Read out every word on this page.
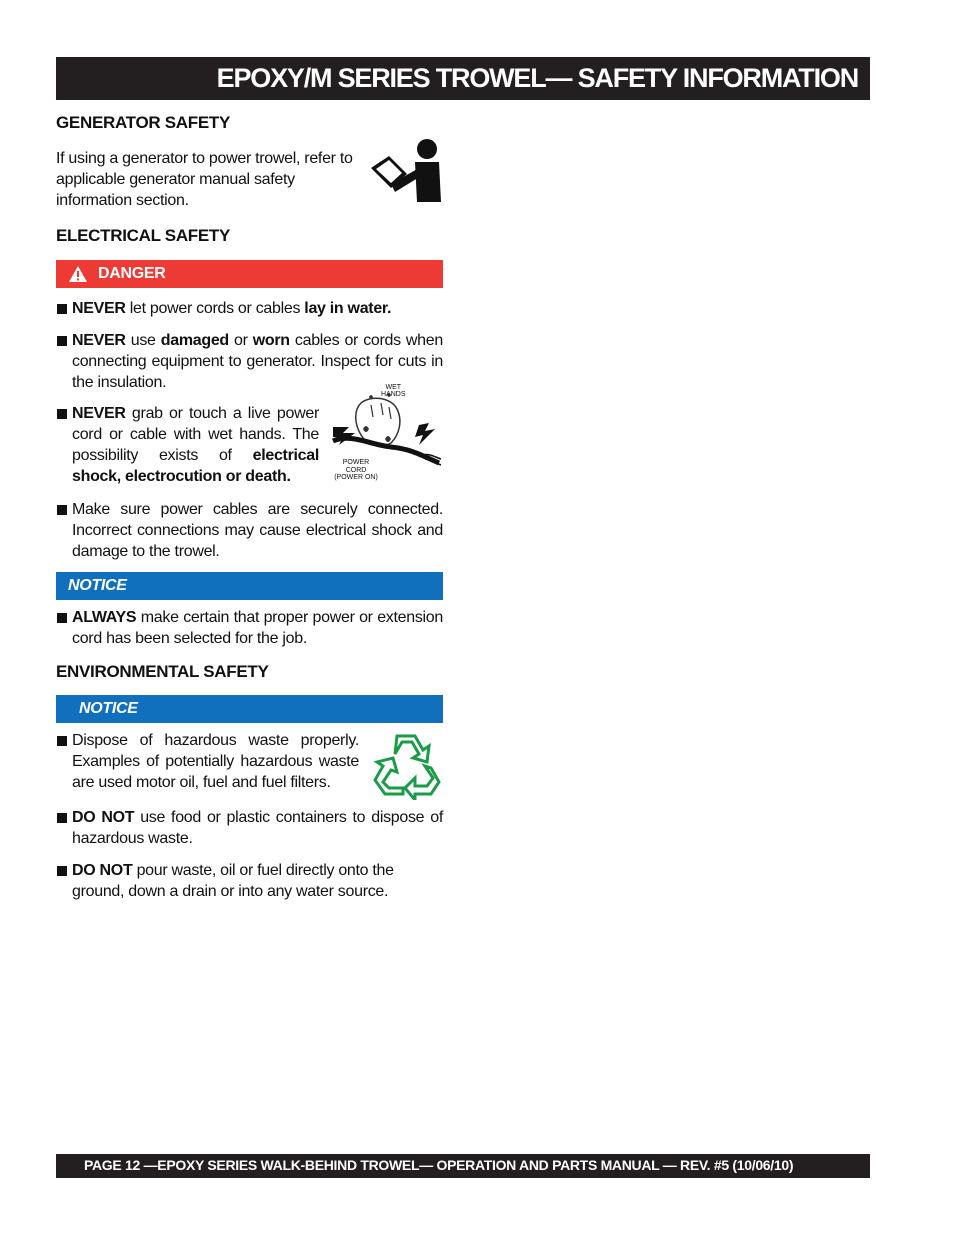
EPOXY/M SERIES TROWEL— SAFETY INFORMATION
GENERATOR SAFETY

If using a generator to power trowel, refer to applicable generator manual safety information section.

ELECTRICAL SAFETY
DANGER
NEVER let power cords or cables lay in water.
NEVER use damaged or worn cables or cords when connecting equipment to generator. Inspect for cuts in the insulation.	WET
HANDS
POWER
CORD
(POWER ON)
NEVER grab or touch a live power cord or cable with wet hands. The possibility exists of electrical shock, electrocution or death.
Make sure power cables are securely connected. Incorrect connections may cause electrical shock and damage to the trowel.
NOTICE
ALWAYS make certain that proper power or extension cord has been selected for the job.
ENVIRONMENTAL SAFETY
NOTICE
Dispose of hazardous waste properly. Examples of potentially hazardous waste are used motor oil, fuel and fuel filters.
DO NOT use food or plastic containers to dispose of hazardous waste.
DO NOT pour waste, oil or fuel directly onto the ground, down a drain or into any water source.
PAGE 12 —EPOXY SERIES WALK-BEHIND TROWEL— OPERATION AND PARTS MANUAL — REV. #5 (10/06/10)
